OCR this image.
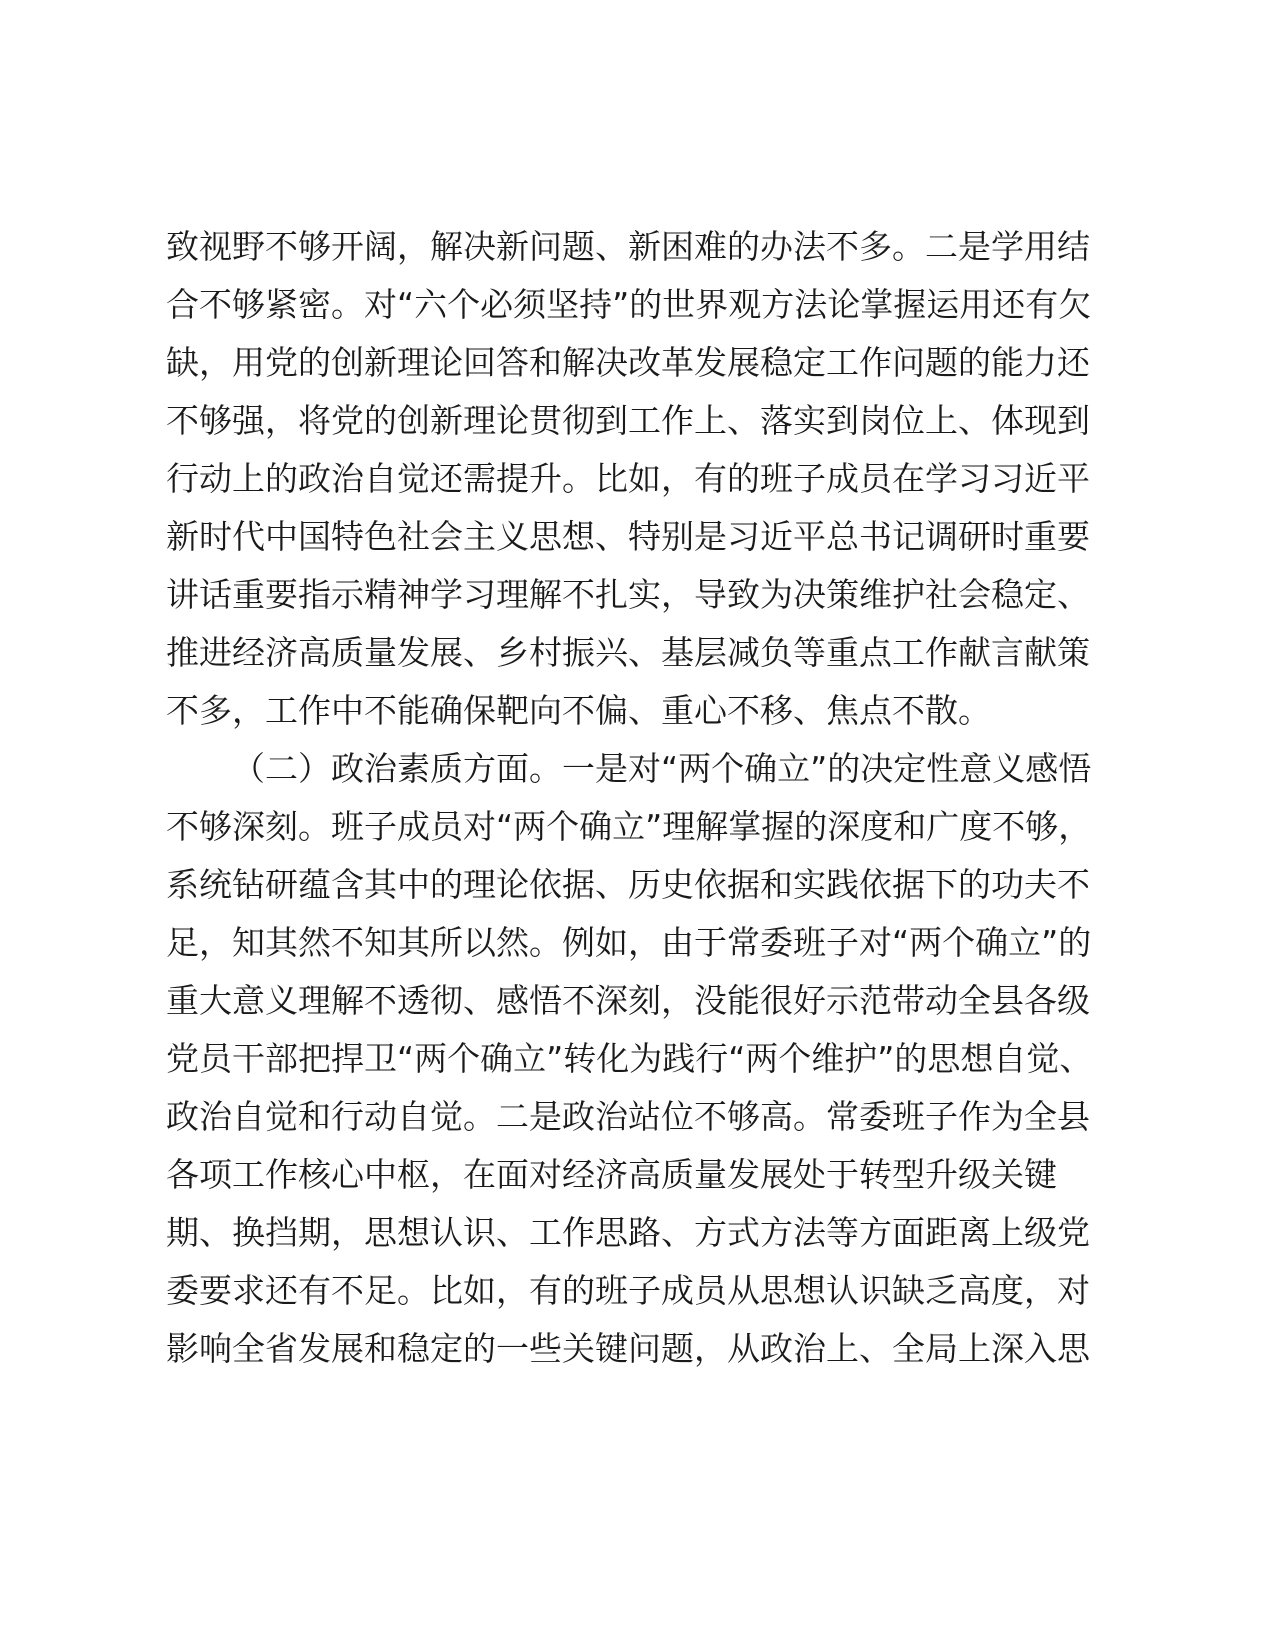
致视野不够开阔，解决新问题、新困难的办法不多。二是学用结
合不够紧密。对“六个必须坚持”的世界观方法论掌握运用还有欠
缺，用党的创新理论回答和解决改革发展稳定工作问题的能力还
不够强，将党的创新理论贯彻到工作上、落实到岗位上、体现到
行动上的政治自觉还需提升。比如，有的班子成员在学习习近平
新时代中国特色社会主义思想、特别是习近平总书记调研时重要
讲话重要指示精神学习理解不扎实，导致为决策维护社会稳定、
推进经济高质量发展、乡村振兴、基层减负等重点工作献言献策
不多，工作中不能确保靶向不偏、重心不移、焦点不散。
（二）政治素质方面。一是对“两个确立”的决定性意义感悟
不够深刻。班子成员对“两个确立”理解掌握的深度和广度不够，
系统钻研蕴含其中的理论依据、历史依据和实践依据下的功夫不
足，知其然不知其所以然。例如，由于常委班子对“两个确立”的
重大意义理解不透彻、感悟不深刻，没能很好示范带动全县各级
党员干部把捍卫“两个确立”转化为践行“两个维护”的思想自觉、
政治自觉和行动自觉。二是政治站位不够高。常委班子作为全县
各项工作核心中枢，在面对经济高质量发展处于转型升级关键
期、换挡期，思想认识、工作思路、方式方法等方面距离上级党
委要求还有不足。比如，有的班子成员从思想认识缺乏高度，对
影响全省发展和稳定的一些关键问题，从政治上、全局上深入思
